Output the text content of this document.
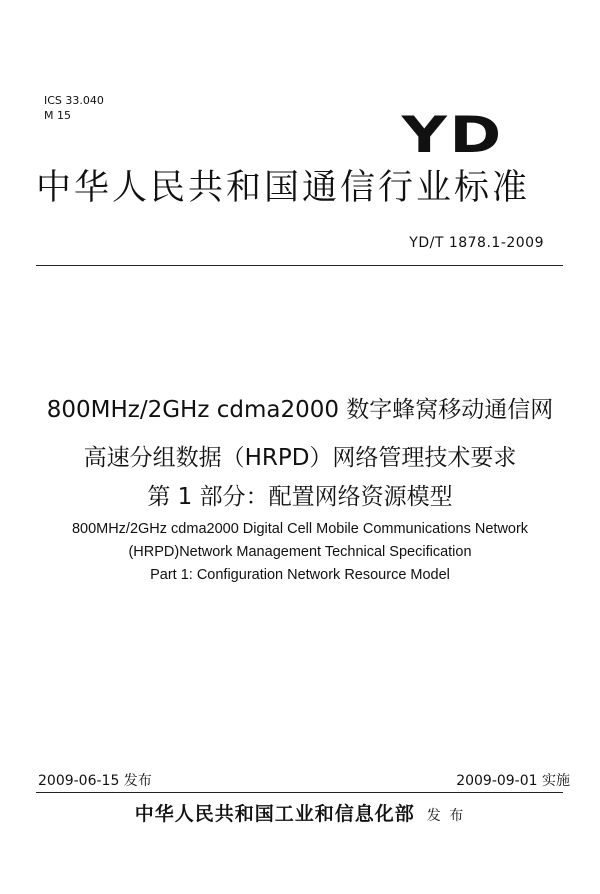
ICS 33.040
M 15	YD
中华人民共和国通信行业标准
YD/T 1878.1-2009
800MHz/2GHz cdma2000 数字蜂窝移动通信网
高速分组数据（HRPD）网络管理技术要求
第 1 部分：配置网络资源模型
800MHz/2GHz cdma2000 Digital Cell Mobile Communications Network
(HRPD)Network Management Technical Specification
Part 1: Configuration Network Resource Model
2009-06-15 发布	2009-09-01 实施
中华人民共和国工业和信息化部 发 布
